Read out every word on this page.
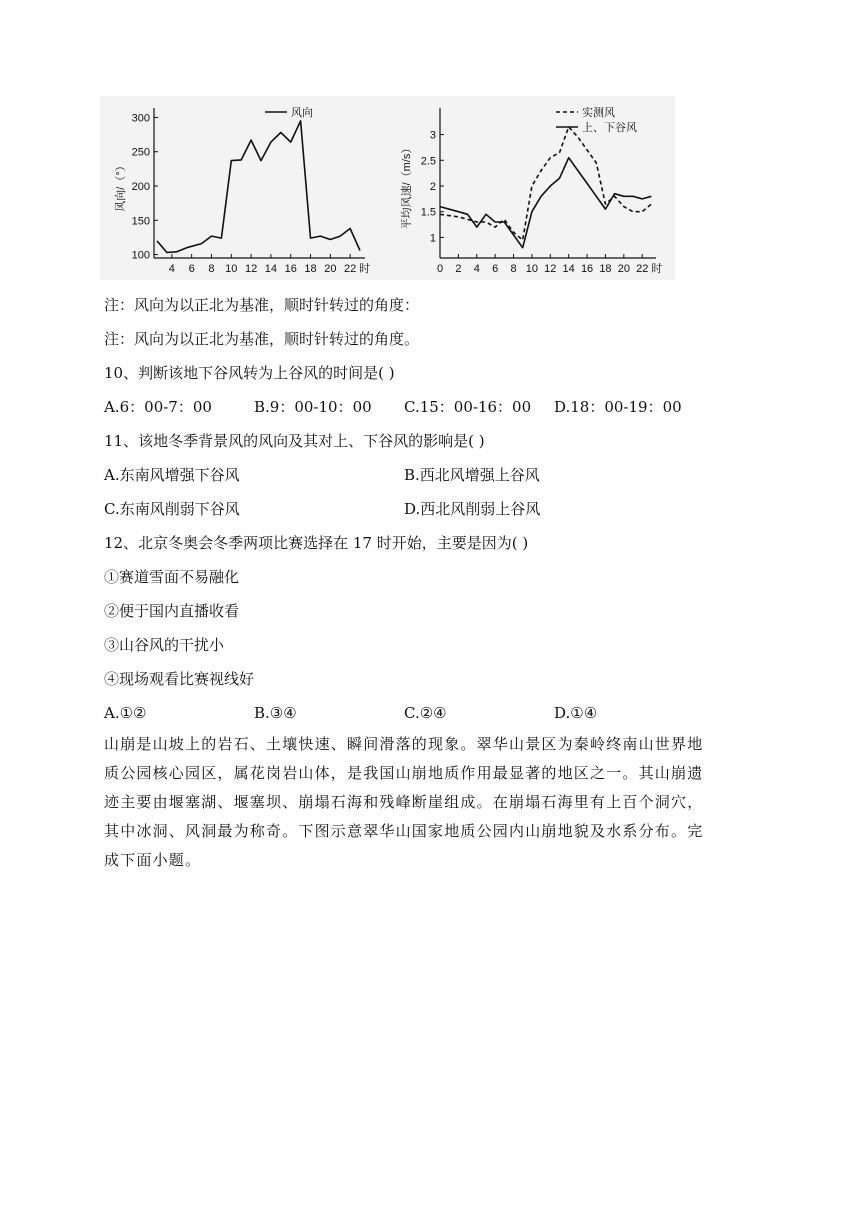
100
150
200
250
300
4 6 8 10 12 14 16 18 20 22 时
风向/（°）
风向
1
1.5
2
2.5
3
0 2 4 6 8 10 12 14 16 18 20 22 时
平均风速/（m/s）
实测风
上、下谷风
注：风向为以正北为基准，顺时针转过的角度：
注：风向为以正北为基准，顺时针转过的角度。
10、判断该地下谷风转为上谷风的时间是( )
A.6：00-7：00	B.9：00-10：00	C.15：00-16：00	D.18：00-19：00
11、该地冬季背景风的风向及其对上、下谷风的影响是( )
A.东南风增强下谷风	B.西北风增强上谷风
C.东南风削弱下谷风	D.西北风削弱上谷风
12、北京冬奥会冬季两项比赛选择在 17 时开始，主要是因为( )
①赛道雪面不易融化
②便于国内直播收看
③山谷风的干扰小
④现场观看比赛视线好
A.①②	B.③④	C.②④	D.①④
山崩是山坡上的岩石、土壤快速、瞬间滑落的现象。翠华山景区为秦岭终南山世界地
质公园核心园区，属花岗岩山体，是我国山崩地质作用最显著的地区之一。其山崩遗
迹主要由堰塞湖、堰塞坝、崩塌石海和残峰断崖组成。在崩塌石海里有上百个洞穴，
其中冰洞、风洞最为称奇。下图示意翠华山国家地质公园内山崩地貌及水系分布。完
成下面小题。
